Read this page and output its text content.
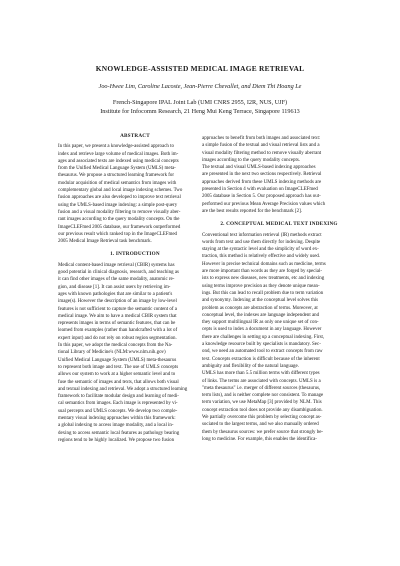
KNOWLEDGE-ASSISTED MEDICAL IMAGE RETRIEVAL
Joo-Hwee Lim, Caroline Lacoste, Jean-Pierre Chevallet, and Diem Thi Hoang Le
French-Singapore IPAL Joint Lab (UMI CNRS 2955, I2R, NUS, UJF)
Institute for Infocomm Research, 21 Heng Mui Keng Terrace, Singapore 119613
ABSTRACT

In this paper, we present a knowledge-assisted approach to
index and retrieve large volume of medical images. Both im-
ages and associated texts are indexed using medical concepts
from the Unified Medical Language System (UMLS) meta-
thesaurus. We propose a structured learning framework for
modular acquisition of medical semantics from images with
complementary global and local image indexing schemes. Two
fusion approaches are also developed to improve text retrieval
using the UMLS-based image indexing: a simple post-query
fusion and a visual modality filtering to remove visually aber-
rant images according to the query modality concepts. On the
ImageCLEFmed 2005 database, our framework outperformed
our previous result which ranked top in the ImageCLEFmed
2005 Medical Image Retrieval task benchmark.

1. INTRODUCTION

Medical content-based image retrieval (CBIR) systems has
good potential in clinical diagnosis, research, and teaching as
it can find other images of the same modality, anatomic re-
gion, and disease [1]. It can assist users by retrieving im-
ages with known pathologies that are similar to a patient's
image(s). However the description of an image by low-level
features is not sufficient to capture the semantic content of a
medical image. We aim to have a medical CBIR system that
represents images in terms of semantic features, that can be
learned from examples (rather than handcrafted with a lot of
expert input) and do not rely on robust region segmentation.

In this paper, we adopt the medical concepts from the Na-
tional Library of Medicine's (NLM:www.nlm.nih.gov)
Unified Medical Language System (UMLS) meta-thesaurus
to represent both image and text. The use of UMLS concepts
allows our system to work at a higher semantic level and to
fuse the semantic of images and texts, that allows both visual
and textual indexing and retrieval. We adopt a structured learning
framework to facilitate modular design and learning of medi-
cal semantics from images. Each image is represented by vi-
sual percepts and UMLS concepts. We develop two comple-
mentary visual indexing approaches within this framework:
a global indexing to access image modality, and a local in-
dexing to access semantic local features as pathology bearing
regions tend to be highly localized. We propose two fusion

approaches to benefit from both images and associated text:
a simple fusion of the textual and visual retrieval lists and a
visual modality filtering method to remove visually aberrant
images according to the query modality concepts.

The textual and visual UMLS-based indexing approaches
are presented in the next two sections respectively. Retrieval
approaches derived from these UMLS indexing methods are
presented in Section 4 with evaluation on ImageCLEFmed
2005 database in Section 5. Our proposed approach has out-
performed our previous Mean Average Precision values which
are the best results reported for the benchmark [2].

2. CONCEPTUAL MEDICAL TEXT INDEXING

Conventional text information retrieval (IR) methods extract
words from text and use them directly for indexing. Despite
staying at the syntactic level and the simplicity of word ex-
traction, this method is relatively effective and widely used.
However in precise technical domains such as medicine, terms
are more important than words as they are forged by special-
ists to express new diseases, new treatments, etc and indexing
using terms improve precision as they denote unique mean-
ings. But this can lead to recall problem due to term variation
and synonymy. Indexing at the conceptual level solves this
problem as concepts are abstraction of terms. Moreover, at
conceptual level, the indexes are language independent and
they support multilingual IR as only one unique set of con-
cepts is used to index a document in any language. However
there are challenges in setting up a conceptual indexing. First,
a knowledge resource built by specialists is mandatory. Sec-
ond, we need an automated tool to extract concepts from raw
text. Concepts extraction is difficult because of the inherent
ambiguity and flexibility of the natural language.

UMLS has more than 5.5 million terms with different types
of links. The terms are associated with concepts. UMLS is a
"meta thesaurus" i.e. merger of different sources (thesaurus,
term lists), and is neither complete nor consistent. To manage
term variation, we use MetaMap [3] provided by NLM. This
concept extraction tool does not provide any disambiguation.
We partially overcome this problem by selecting concept as-
sociated to the largest terms, and we also manually ordered
them by thesaurus sources: we prefer source that strongly be-
long to medicine. For example, this enables the identifica-
